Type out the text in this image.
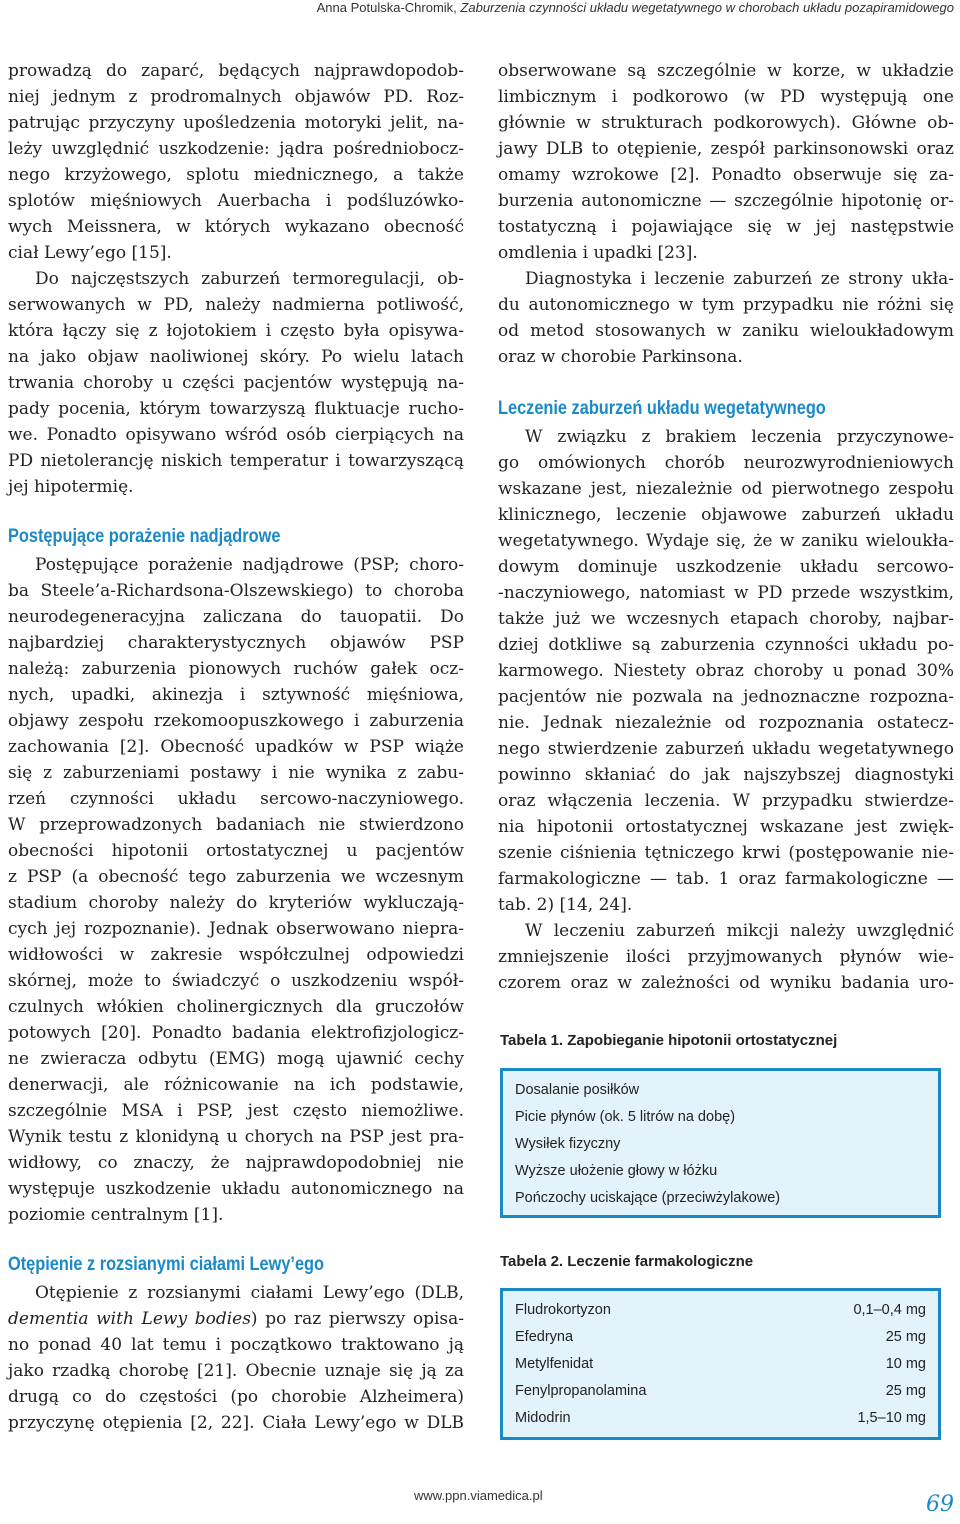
Anna Potulska-Chromik, Zaburzenia czynności układu wegetatywnego w chorobach układu pozapiramidowego
prowadzą do zaparć, będących najprawdopodob-
niej jednym z prodromalnych objawów PD. Roz-
patrując przyczyny upośledzenia motoryki jelit, na-
leży uwzględnić uszkodzenie: jądra pośredniobocz-
nego krzyżowego, splotu miednicznego, a także
splotów mięśniowych Auerbacha i podśluzówko-
wych Meissnera, w których wykazano obecność
ciał Lewy’ego [15].
Do najczęstszych zaburzeń termoregulacji, ob-
serwowanych w PD, należy nadmierna potliwość,
która łączy się z łojotokiem i często była opisywa-
na jako objaw naoliwionej skóry. Po wielu latach
trwania choroby u części pacjentów występują na-
pady pocenia, którym towarzyszą fluktuacje rucho-
we. Ponadto opisywano wśród osób cierpiących na
PD nietolerancję niskich temperatur i towarzyszącą
jej hipotermię.
Postępujące porażenie nadjądrowe
Postępujące porażenie nadjądrowe (PSP; choro-
ba Steele’a-Richardsona-Olszewskiego) to choroba
neurodegeneracyjna zaliczana do tauopatii. Do
najbardziej charakterystycznych objawów PSP
należą: zaburzenia pionowych ruchów gałek ocz-
nych, upadki, akinezja i sztywność mięśniowa,
objawy zespołu rzekomoopuszkowego i zaburzenia
zachowania [2]. Obecność upadków w PSP wiąże
się z zaburzeniami postawy i nie wynika z zabu-
rzeń czynności układu sercowo-naczyniowego.
W przeprowadzonych badaniach nie stwierdzono
obecności hipotonii ortostatycznej u pacjentów
z PSP (a obecność tego zaburzenia we wczesnym
stadium choroby należy do kryteriów wykluczają-
cych jej rozpoznanie). Jednak obserwowano niepra-
widłowości w zakresie współczulnej odpowiedzi
skórnej, może to świadczyć o uszkodzeniu współ-
czulnych włókien cholinergicznych dla gruczołów
potowych [20]. Ponadto badania elektrofizjologicz-
ne zwieracza odbytu (EMG) mogą ujawnić cechy
denerwacji, ale różnicowanie na ich podstawie,
szczególnie MSA i PSP, jest często niemożliwe.
Wynik testu z klonidyną u chorych na PSP jest pra-
widłowy, co znaczy, że najprawdopodobniej nie
występuje uszkodzenie układu autonomicznego na
poziomie centralnym [1].
Otępienie z rozsianymi ciałami Lewy’ego
Otępienie z rozsianymi ciałami Lewy’ego (DLB,
dementia with Lewy bodies) po raz pierwszy opisa-
no ponad 40 lat temu i początkowo traktowano ją
jako rzadką chorobę [21]. Obecnie uznaje się ją za
drugą co do częstości (po chorobie Alzheimera)
przyczynę otępienia [2, 22]. Ciała Lewy’ego w DLB
obserwowane są szczególnie w korze, w układzie
limbicznym i podkorowo (w PD występują one
głównie w strukturach podkorowych). Główne ob-
jawy DLB to otępienie, zespół parkinsonowski oraz
omamy wzrokowe [2]. Ponadto obserwuje się za-
burzenia autonomiczne — szczególnie hipotonię or-
tostatyczną i pojawiające się w jej następstwie
omdlenia i upadki [23].
Diagnostyka i leczenie zaburzeń ze strony ukła-
du autonomicznego w tym przypadku nie różni się
od metod stosowanych w zaniku wieloukładowym
oraz w chorobie Parkinsona.
Leczenie zaburzeń układu wegetatywnego
W związku z brakiem leczenia przyczynowe-
go omówionych chorób neurozwyrodnieniowych
wskazane jest, niezależnie od pierwotnego zespołu
klinicznego, leczenie objawowe zaburzeń układu
wegetatywnego. Wydaje się, że w zaniku wieloukła-
dowym dominuje uszkodzenie układu sercowo-
-naczyniowego, natomiast w PD przede wszystkim,
także już we wczesnych etapach choroby, najbar-
dziej dotkliwe są zaburzenia czynności układu po-
karmowego. Niestety obraz choroby u ponad 30%
pacjentów nie pozwala na jednoznaczne rozpozna-
nie. Jednak niezależnie od rozpoznania ostatecz-
nego stwierdzenie zaburzeń układu wegetatywnego
powinno skłaniać do jak najszybszej diagnostyki
oraz włączenia leczenia. W przypadku stwierdze-
nia hipotonii ortostatycznej wskazane jest zwięk-
szenie ciśnienia tętniczego krwi (postępowanie nie-
farmakologiczne — tab. 1 oraz farmakologiczne —
tab. 2) [14, 24].
W leczeniu zaburzeń mikcji należy uwzględnić
zmniejszenie ilości przyjmowanych płynów wie-
czorem oraz w zależności od wyniku badania uro-
Tabela 1. Zapobieganie hipotonii ortostatycznej
Dosalanie posiłków
Picie płynów (ok. 5 litrów na dobę)
Wysiłek fizyczny
Wyższe ułożenie głowy w łóżku
Pończochy uciskające (przeciwżylakowe)
Tabela 2. Leczenie farmakologiczne
Fludrokortyzon	0,1–0,4 mg
Efedryna	25 mg
Metylfenidat	10 mg
Fenylpropanolamina	25 mg
Midodrin	1,5–10 mg
www.ppn.viamedica.pl	69
